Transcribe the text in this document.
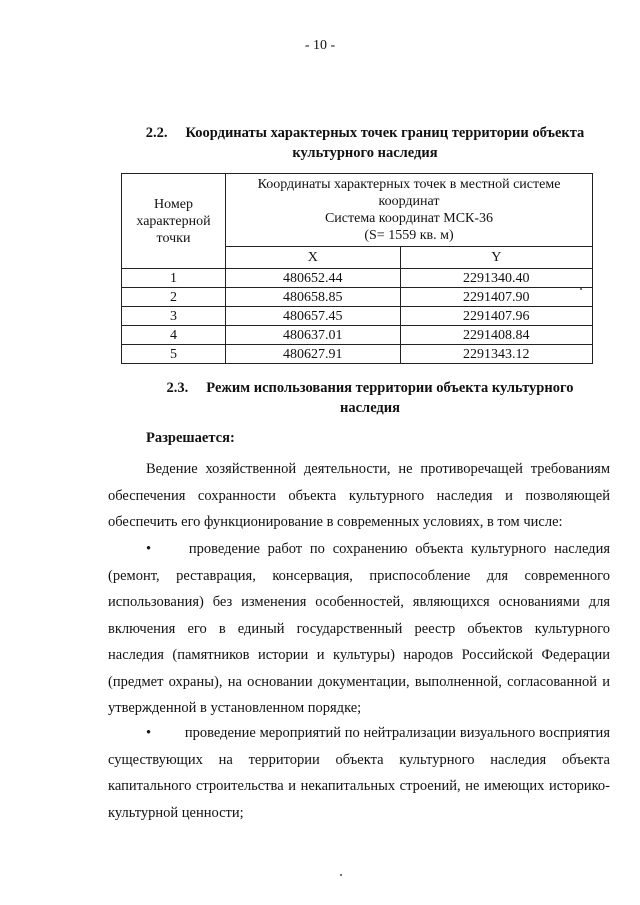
- 10 -
2.2. Координаты характерных точек границ территории объекта культурного наследия
Номер характерной точки	Координаты характерных точек в местной системе
координат
Система координат МСК-36
(S= 1559 кв. м)	

	X	Y
1	480652.44	2291340.40
2	480658.85	2291407.90
3	480657.45	2291407.96
4	480637.01	2291408.84
5	480627.91	2291343.12
2.3. Режим использования территории объекта культурного наследия
Разрешается:
Ведение хозяйственной деятельности, не противоречащей требованиям обеспечения сохранности объекта культурного наследия и позволяющей обеспечить его функционирование в современных условиях, в том числе:
•	проведение работ по сохранению объекта культурного наследия (ремонт, реставрация, консервация, приспособление для современного использования) без изменения особенностей, являющихся основаниями для включения его в единый государственный реестр объектов культурного наследия (памятников истории и культуры) народов Российской Федерации (предмет охраны), на основании документации, выполненной, согласованной и утвержденной в установленном порядке;
• проведение мероприятий по нейтрализации визуального восприятия существующих на территории объекта культурного наследия объекта капитального строительства и некапитальных строений, не имеющих историко-культурной ценности;
